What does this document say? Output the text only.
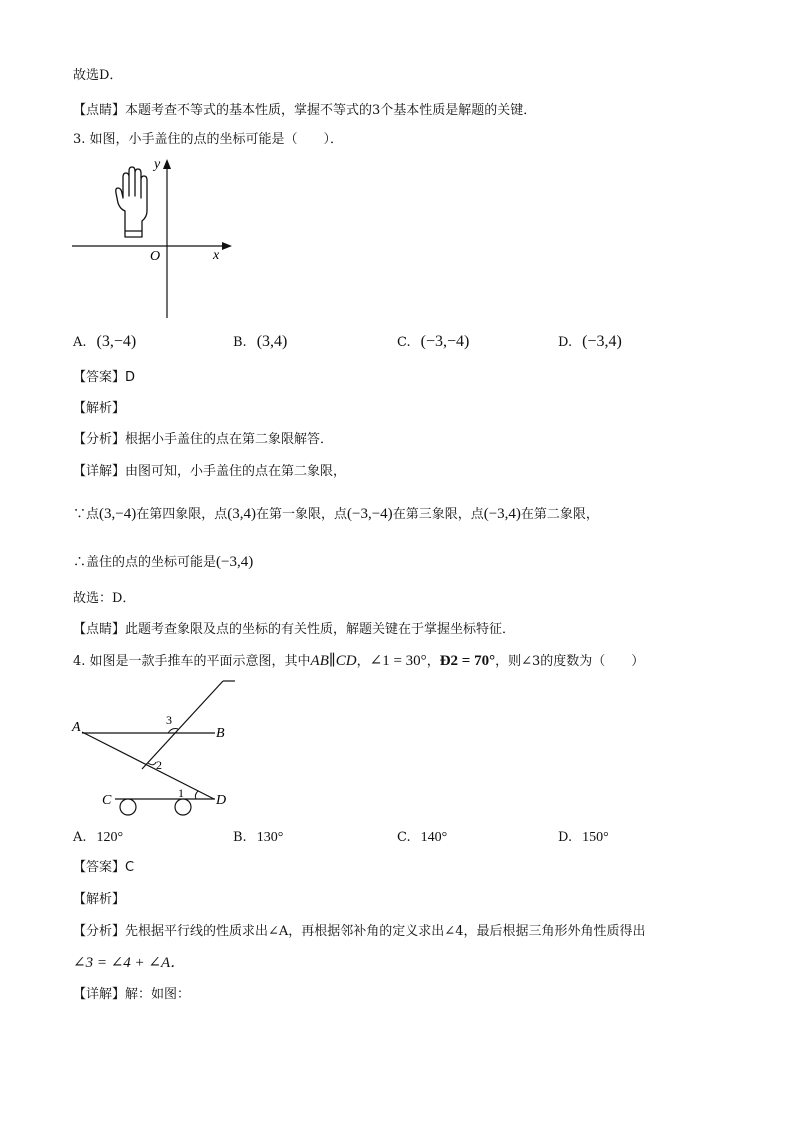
故选D．
【点睛】本题考查不等式的基本性质，掌握不等式的3个基本性质是解题的关键．
3. 如图，小手盖住的点的坐标可能是（　　）．
y
x
O
A. (3,−4)	B. (3,4)	C. (−3,−4)	D. (−3,4)
【答案】D
【解析】
【分析】根据小手盖住的点在第二象限解答．
【详解】由图可知，小手盖住的点在第二象限，
∵点(3,−4)在第四象限，点(3,4)在第一象限，点(−3,−4)在第三象限，点(−3,4)在第二象限，
∴盖住的点的坐标可能是(−3,4)
故选：D．
【点睛】此题考查象限及点的坐标的有关性质，解题关键在于掌握坐标特征．
4. 如图是一款手推车的平面示意图，其中AB∥CD，∠1 = 30°，Ð2 = 70°，则∠3的度数为（　　）
A	B
C	D
1
2
3
A. 120°	B. 130°	C. 140°	D. 150°
【答案】C
【解析】
【分析】先根据平行线的性质求出∠A，再根据邻补角的定义求出∠4，最后根据三角形外角性质得出
∠3 = ∠4 + ∠A．
【详解】解：如图：
